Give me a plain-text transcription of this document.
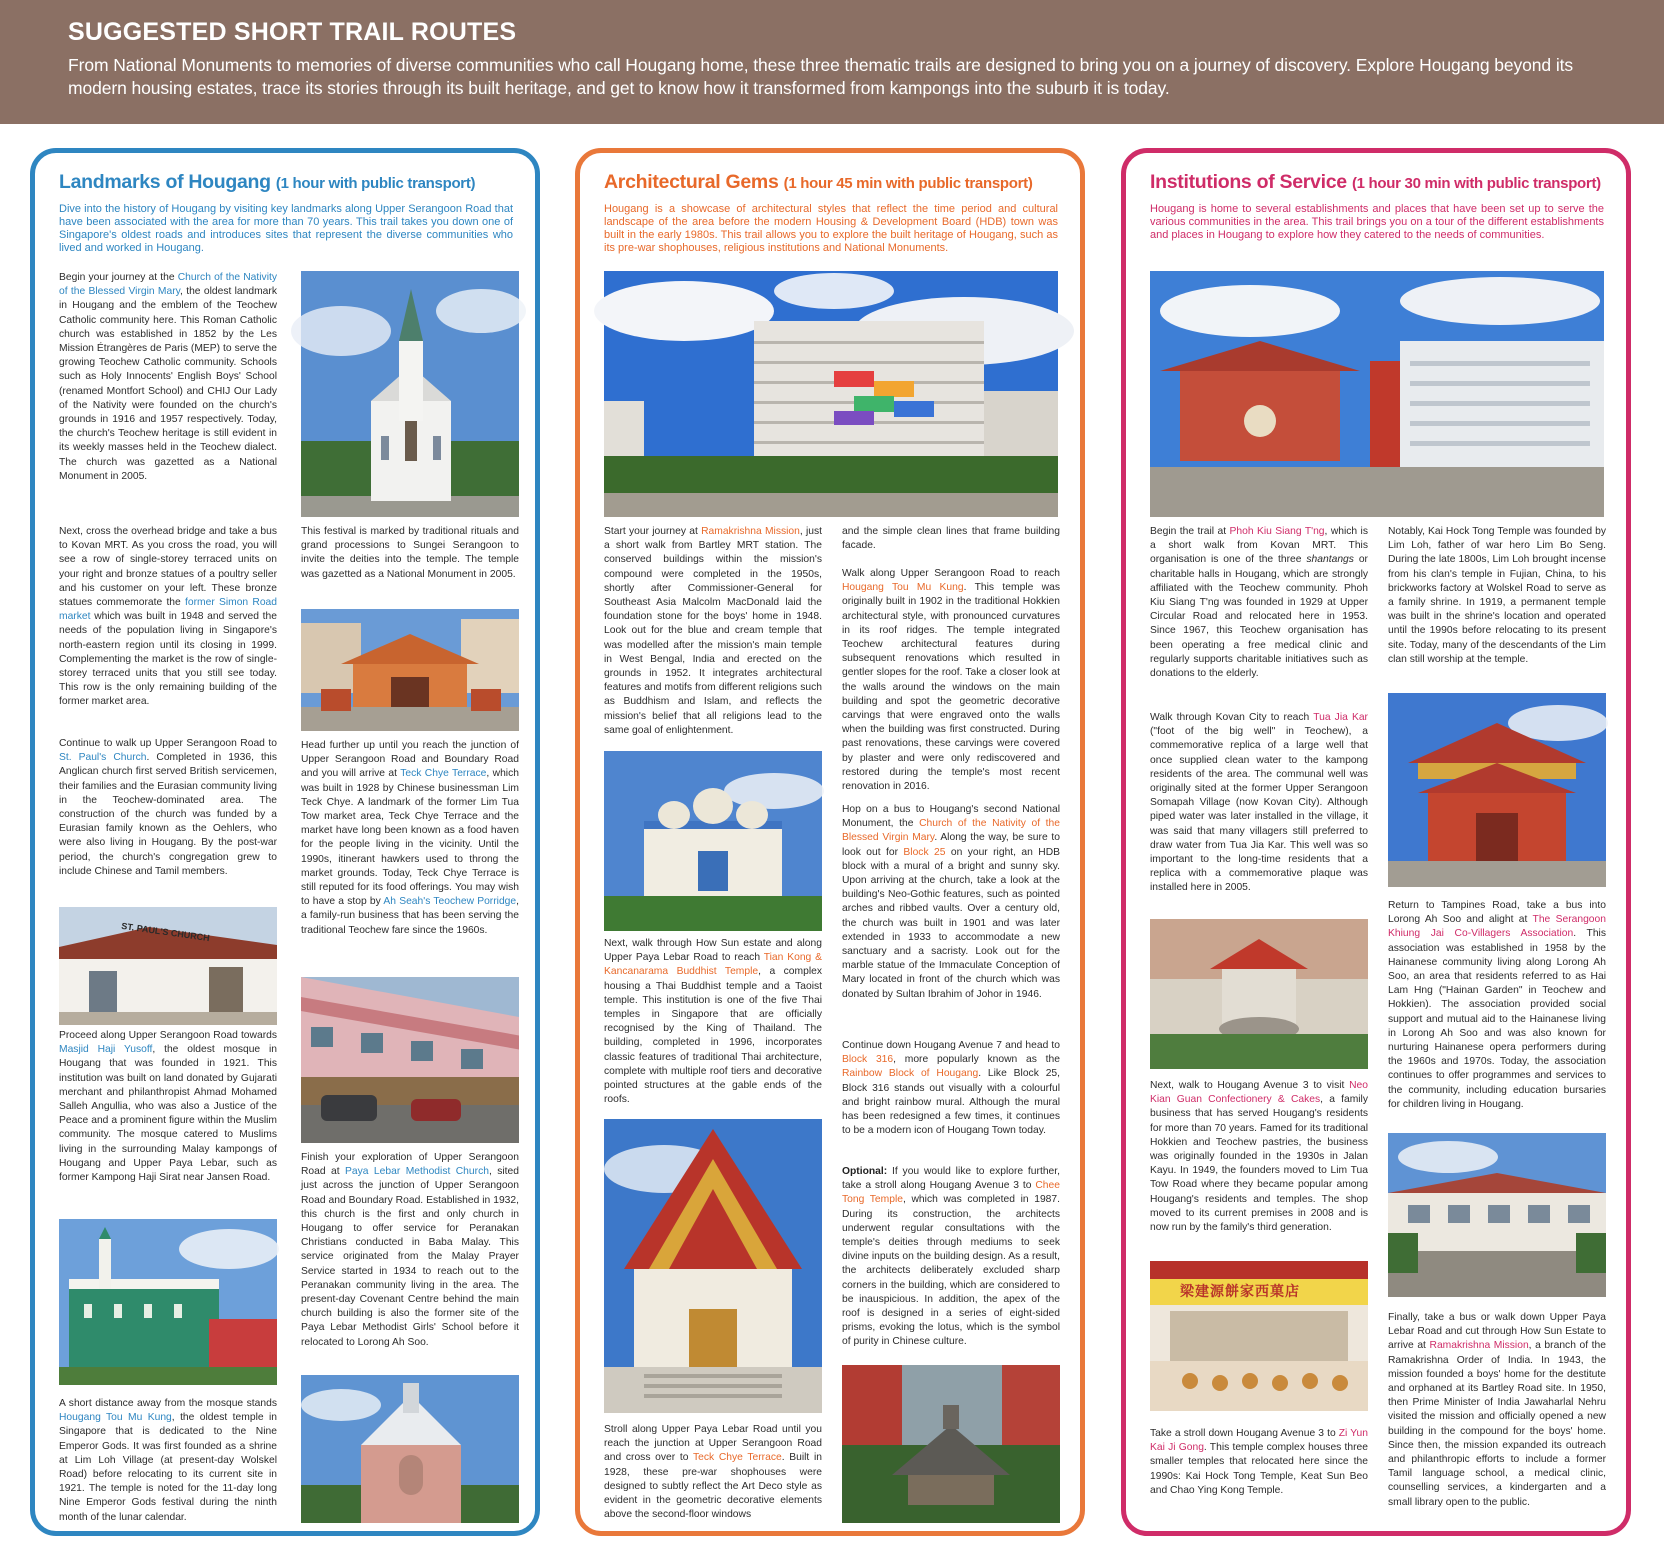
SUGGESTED SHORT TRAIL ROUTES

From National Monuments to memories of diverse communities who call Hougang home, these three thematic trails are designed to bring you on a journey of discovery. Explore Hougang beyond its modern housing estates, trace its stories through its built heritage, and get to know how it transformed from kampongs into the suburb it is today.

Landmarks of Hougang (1 hour with public transport)
Dive into the history of Hougang by visiting key landmarks along Upper Serangoon Road that have been associated with the area for more than 70 years. This trail takes you down one of Singapore's oldest roads and introduces sites that represent the diverse communities who lived and worked in Hougang.
Begin your journey at the Church of the Nativity of the Blessed Virgin Mary, the oldest landmark in Hougang and the emblem of the Teochew Catholic community here. This Roman Catholic church was established in 1852 by the Les Mission Étrangères de Paris (MEP) to serve the growing Teochew Catholic community. Schools such as Holy Innocents' English Boys' School (renamed Montfort School) and CHIJ Our Lady of the Nativity were founded on the church's grounds in 1916 and 1957 respectively. Today, the church's Teochew heritage is still evident in its weekly masses held in the Teochew dialect. The church was gazetted as a National Monument in 2005.
Next, cross the overhead bridge and take a bus to Kovan MRT. As you cross the road, you will see a row of single-storey terraced units on your right and bronze statues of a poultry seller and his customer on your left. These bronze statues commemorate the former Simon Road market which was built in 1948 and served the needs of the population living in Singapore's north-eastern region until its closing in 1999. Complementing the market is the row of single-storey terraced units that you still see today. This row is the only remaining building of the former market area.
Continue to walk up Upper Serangoon Road to St. Paul's Church. Completed in 1936, this Anglican church first served British servicemen, their families and the Eurasian community living in the Teochew-dominated area. The construction of the church was funded by a Eurasian family known as the Oehlers, who were also living in Hougang. By the post-war period, the church's congregation grew to include Chinese and Tamil members.
Proceed along Upper Serangoon Road towards Masjid Haji Yusoff, the oldest mosque in Hougang that was founded in 1921. This institution was built on land donated by Gujarati merchant and philanthropist Ahmad Mohamed Salleh Angullia, who was also a Justice of the Peace and a prominent figure within the Muslim community. The mosque catered to Muslims living in the surrounding Malay kampongs of Hougang and Upper Paya Lebar, such as former Kampong Haji Sirat near Jansen Road.
A short distance away from the mosque stands Hougang Tou Mu Kung, the oldest temple in Singapore that is dedicated to the Nine Emperor Gods. It was first founded as a shrine at Lim Loh Village (at present-day Wolskel Road) before relocating to its current site in 1921. The temple is noted for the 11-day long Nine Emperor Gods festival during the ninth month of the lunar calendar.
This festival is marked by traditional rituals and grand processions to Sungei Serangoon to invite the deities into the temple. The temple was gazetted as a National Monument in 2005.
Head further up until you reach the junction of Upper Serangoon Road and Boundary Road and you will arrive at Teck Chye Terrace, which was built in 1928 by Chinese businessman Lim Teck Chye. A landmark of the former Lim Tua Tow market area, Teck Chye Terrace and the market have long been known as a food haven for the people living in the vicinity. Until the 1990s, itinerant hawkers used to throng the market grounds. Today, Teck Chye Terrace is still reputed for its food offerings. You may wish to have a stop by Ah Seah's Teochew Porridge, a family-run business that has been serving the traditional Teochew fare since the 1960s.
Finish your exploration of Upper Serangoon Road at Paya Lebar Methodist Church, sited just across the junction of Upper Serangoon Road and Boundary Road. Established in 1932, this church is the first and only church in Hougang to offer service for Peranakan Christians conducted in Baba Malay. This service originated from the Malay Prayer Service started in 1934 to reach out to the Peranakan community living in the area. The present-day Covenant Centre behind the main church building is also the former site of the Paya Lebar Methodist Girls' School before it relocated to Lorong Ah Soo.
ST. PAUL'S CHURCH
Architectural Gems (1 hour 45 min with public transport)
Hougang is a showcase of architectural styles that reflect the time period and cultural landscape of the area before the modern Housing & Development Board (HDB) town was built in the early 1980s. This trail allows you to explore the built heritage of Hougang, such as its pre-war shophouses, religious institutions and National Monuments.
Start your journey at Ramakrishna Mission, just a short walk from Bartley MRT station. The conserved buildings within the mission's compound were completed in the 1950s, shortly after Commissioner-General for Southeast Asia Malcolm MacDonald laid the foundation stone for the boys' home in 1948. Look out for the blue and cream temple that was modelled after the mission's main temple in West Bengal, India and erected on the grounds in 1952. It integrates architectural features and motifs from different religions such as Buddhism and Islam, and reflects the mission's belief that all religions lead to the same goal of enlightenment.
Next, walk through How Sun estate and along Upper Paya Lebar Road to reach Tian Kong & Kancanarama Buddhist Temple, a complex housing a Thai Buddhist temple and a Taoist temple. This institution is one of the five Thai temples in Singapore that are officially recognised by the King of Thailand. The building, completed in 1996, incorporates classic features of traditional Thai architecture, complete with multiple roof tiers and decorative pointed structures at the gable ends of the roofs.
Stroll along Upper Paya Lebar Road until you reach the junction at Upper Serangoon Road and cross over to Teck Chye Terrace. Built in 1928, these pre-war shophouses were designed to subtly reflect the Art Deco style as evident in the geometric decorative elements above the second-floor windows
and the simple clean lines that frame building facade.
Walk along Upper Serangoon Road to reach Hougang Tou Mu Kung. This temple was originally built in 1902 in the traditional Hokkien architectural style, with pronounced curvatures in its roof ridges. The temple integrated Teochew architectural features during subsequent renovations which resulted in gentler slopes for the roof. Take a closer look at the walls around the windows on the main building and spot the geometric decorative carvings that were engraved onto the walls when the building was first constructed. During past renovations, these carvings were covered by plaster and were only rediscovered and restored during the temple's most recent renovation in 2016.
Hop on a bus to Hougang's second National Monument, the Church of the Nativity of the Blessed Virgin Mary. Along the way, be sure to look out for Block 25 on your right, an HDB block with a mural of a bright and sunny sky. Upon arriving at the church, take a look at the building's Neo-Gothic features, such as pointed arches and ribbed vaults. Over a century old, the church was built in 1901 and was later extended in 1933 to accommodate a new sanctuary and a sacristy. Look out for the marble statue of the Immaculate Conception of Mary located in front of the church which was donated by Sultan Ibrahim of Johor in 1946.
Continue down Hougang Avenue 7 and head to Block 316, more popularly known as the Rainbow Block of Hougang. Like Block 25, Block 316 stands out visually with a colourful and bright rainbow mural. Although the mural has been redesigned a few times, it continues to be a modern icon of Hougang Town today.
Optional: If you would like to explore further, take a stroll along Hougang Avenue 3 to Chee Tong Temple, which was completed in 1987. During its construction, the architects underwent regular consultations with the temple's deities through mediums to seek divine inputs on the building design. As a result, the architects deliberately excluded sharp corners in the building, which are considered to be inauspicious. In addition, the apex of the roof is designed in a series of eight-sided prisms, evoking the lotus, which is the symbol of purity in Chinese culture.
Institutions of Service (1 hour 30 min with public transport)
Hougang is home to several establishments and places that have been set up to serve the various communities in the area. This trail brings you on a tour of the different establishments and places in Hougang to explore how they catered to the needs of communities.
Begin the trail at Phoh Kiu Siang T'ng, which is a short walk from Kovan MRT. This organisation is one of the three shantangs or charitable halls in Hougang, which are strongly affiliated with the Teochew community. Phoh Kiu Siang T'ng was founded in 1929 at Upper Circular Road and relocated here in 1953. Since 1967, this Teochew organisation has been operating a free medical clinic and regularly supports charitable initiatives such as donations to the elderly.
Walk through Kovan City to reach Tua Jia Kar ("foot of the big well" in Teochew), a commemorative replica of a large well that once supplied clean water to the kampong residents of the area. The communal well was originally sited at the former Upper Serangoon Somapah Village (now Kovan City). Although piped water was later installed in the village, it was said that many villagers still preferred to draw water from Tua Jia Kar. This well was so important to the long-time residents that a replica with a commemorative plaque was installed here in 2005.
Next, walk to Hougang Avenue 3 to visit Neo Kian Guan Confectionery & Cakes, a family business that has served Hougang's residents for more than 70 years. Famed for its traditional Hokkien and Teochew pastries, the business was originally founded in the 1930s in Jalan Kayu. In 1949, the founders moved to Lim Tua Tow Road where they became popular among Hougang's residents and temples. The shop moved to its current premises in 2008 and is now run by the family's third generation.
梁建源餅家西菓店
Take a stroll down Hougang Avenue 3 to Zi Yun Kai Ji Gong. This temple complex houses three smaller temples that relocated here since the 1990s: Kai Hock Tong Temple, Keat Sun Beo and Chao Ying Kong Temple.
Notably, Kai Hock Tong Temple was founded by Lim Loh, father of war hero Lim Bo Seng. During the late 1800s, Lim Loh brought incense from his clan's temple in Fujian, China, to his brickworks factory at Wolskel Road to serve as a family shrine. In 1919, a permanent temple was built in the shrine's location and operated until the 1990s before relocating to its present site. Today, many of the descendants of the Lim clan still worship at the temple.
Return to Tampines Road, take a bus into Lorong Ah Soo and alight at The Serangoon Khiung Jai Co-Villagers Association. This association was established in 1958 by the Hainanese community living along Lorong Ah Soo, an area that residents referred to as Hai Lam Hng ("Hainan Garden" in Teochew and Hokkien). The association provided social support and mutual aid to the Hainanese living in Lorong Ah Soo and was also known for nurturing Hainanese opera performers during the 1960s and 1970s. Today, the association continues to offer programmes and services to the community, including education bursaries for children living in Hougang.
Finally, take a bus or walk down Upper Paya Lebar Road and cut through How Sun Estate to arrive at Ramakrishna Mission, a branch of the Ramakrishna Order of India. In 1943, the mission founded a boys' home for the destitute and orphaned at its Bartley Road site. In 1950, then Prime Minister of India Jawaharlal Nehru visited the mission and officially opened a new building in the compound for the boys' home. Since then, the mission expanded its outreach and philanthropic efforts to include a former Tamil language school, a medical clinic, counselling services, a kindergarten and a small library open to the public.
